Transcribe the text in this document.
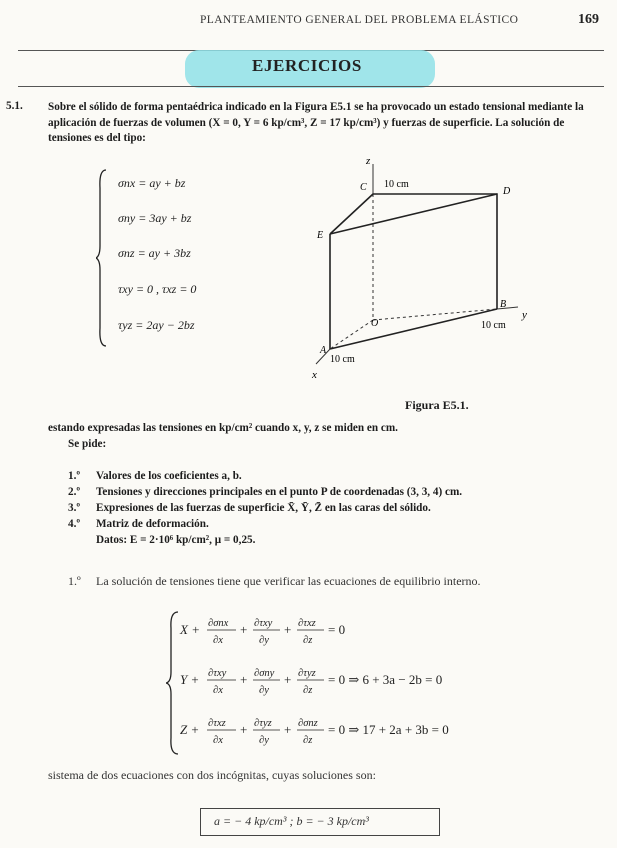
PLANTEAMIENTO GENERAL DEL PROBLEMA ELÁSTICO	169
EJERCICIOS
5.1. Sobre el sólido de forma pentaédrica indicado en la Figura E5.1 se ha provocado un estado tensional mediante la aplicación de fuerzas de volumen (X = 0, Y = 6 kp/cm³, Z = 17 kp/cm³) y fuerzas de superficie. La solución de tensiones es del tipo:
σnx = ay + bz
σny = 3ay + bz
σnz = ay + 3bz
τxy = 0 , τxz = 0
τyz = 2ay − 2bz
z
y
x
C	D
E
B
O
A
10 cm
10 cm
10 cm
Figura E5.1.
estando expresadas las tensiones en kp/cm² cuando x, y, z se miden en cm.
Se pide:
1.º Valores de los coeficientes a, b.
2.º Tensiones y direcciones principales en el punto P de coordenadas (3, 3, 4) cm.
3.º Expresiones de las fuerzas de superficie X̄, Ȳ, Z̄ en las caras del sólido.
4.º Matriz de deformación.
Datos: E = 2·10⁶ kp/cm², μ = 0,25.
1.º La solución de tensiones tiene que verificar las ecuaciones de equilibrio interno.
X + ∂σnx
∂x
+ ∂τxy
∂y
+ ∂τxz
∂z
= 0
Y + ∂τxy
∂x
+ ∂σny
∂y
+ ∂τyz
∂z
= 0 ⇒ 6 + 3a − 2b = 0
Z + ∂τxz
∂x
+ ∂τyz
∂y
+ ∂σnz
∂z
= 0 ⇒ 17 + 2a + 3b = 0
sistema de dos ecuaciones con dos incógnitas, cuyas soluciones son:
a = − 4 kp/cm³ ; b = − 3 kp/cm³
